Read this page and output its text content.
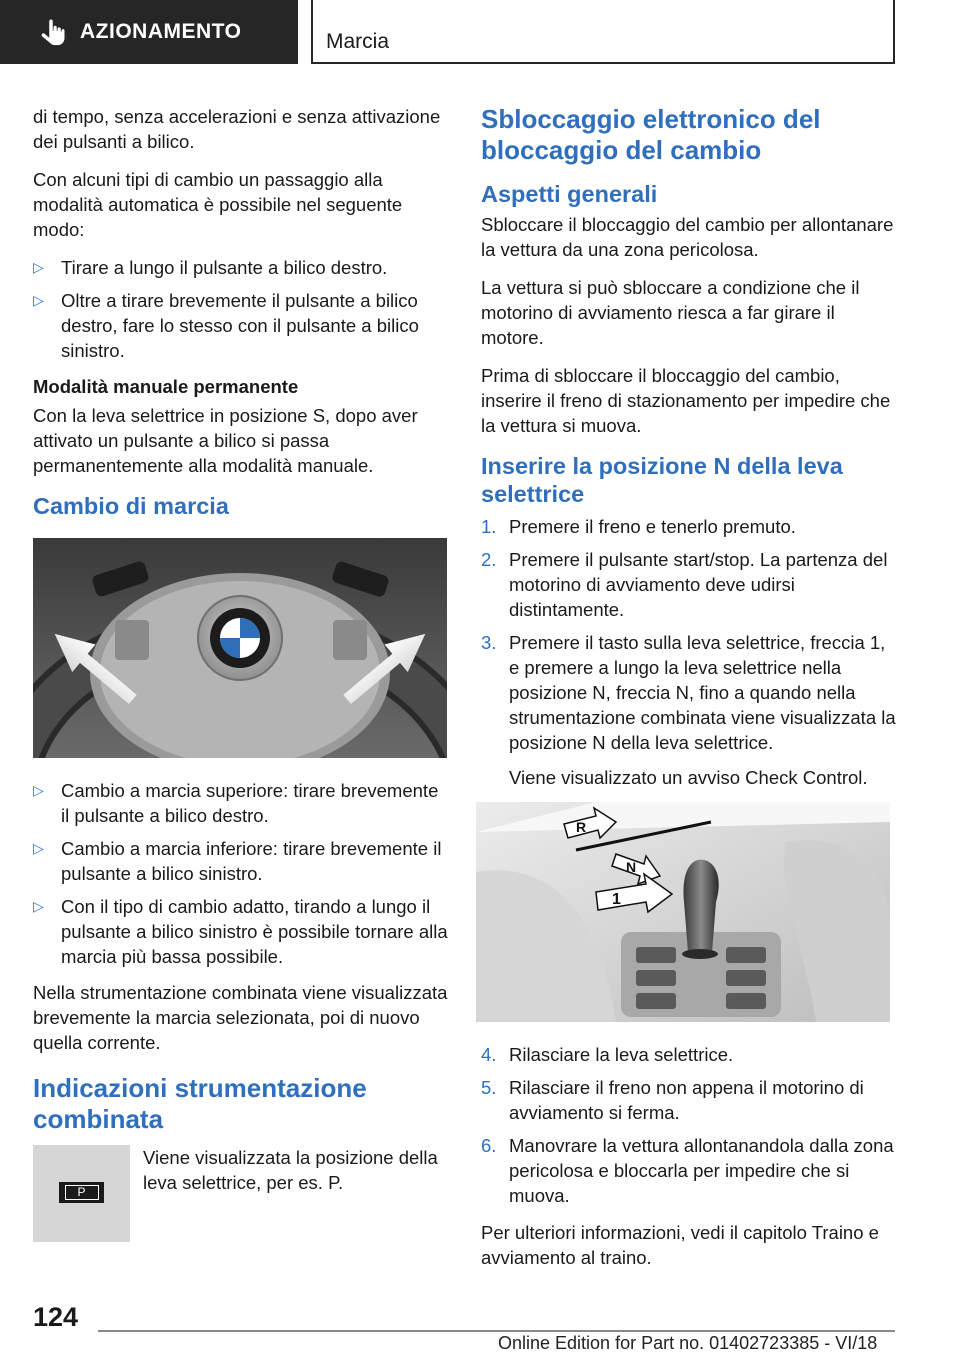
AZIONAMENTO	Marcia

di tempo, senza accelerazioni e senza attivazione dei pulsanti a bilico.

Con alcuni tipi di cambio un passaggio alla modalità automatica è possibile nel seguente modo:

▷ Tirare a lungo il pulsante a bilico destro.
▷ Oltre a tirare brevemente il pulsante a bilico destro, fare lo stesso con il pulsante a bilico sinistro.
Modalità manuale permanente

Con la leva selettrice in posizione S, dopo aver attivato un pulsante a bilico si passa permanentemente alla modalità manuale.

Cambio di marcia
▷ Cambio a marcia superiore: tirare brevemente il pulsante a bilico destro.
▷ Cambio a marcia inferiore: tirare brevemente il pulsante a bilico sinistro.
▷ Con il tipo di cambio adatto, tirando a lungo il pulsante a bilico sinistro è possibile tornare alla marcia più bassa possibile.

Nella strumentazione combinata viene visualizzata brevemente la marcia selezionata, poi di nuovo quella corrente.

Indicazioni strumentazione combinata
P

Viene visualizzata la posizione della leva selettrice, per es. P.

Sbloccaggio elettronico del bloccaggio del cambio
Aspetti generali

Sbloccare il bloccaggio del cambio per allontanare la vettura da una zona pericolosa.

La vettura si può sbloccare a condizione che il motorino di avviamento riesca a far girare il motore.

Prima di sbloccare il bloccaggio del cambio, inserire il freno di stazionamento per impedire che la vettura si muova.

Inserire la posizione N della leva selettrice
1. Premere il freno e tenerlo premuto.
2. Premere il pulsante start/stop. La partenza del motorino di avviamento deve udirsi distintamente.
3. Premere il tasto sulla leva selettrice, freccia 1, e premere a lungo la leva selettrice nella posizione N, freccia N, fino a quando nella strumentazione combinata viene visualizzata la posizione N della leva selettrice.
Viene visualizzato un avviso Check Control.
R
N
1
4. Rilasciare la leva selettrice.
5. Rilasciare il freno non appena il motorino di avviamento si ferma.
6. Manovrare la vettura allontanandola dalla zona pericolosa e bloccarla per impedire che si muova.

Per ulteriori informazioni, vedi il capitolo Traino e avviamento al traino.

124
Online Edition for Part no. 01402723385 - VI/18
